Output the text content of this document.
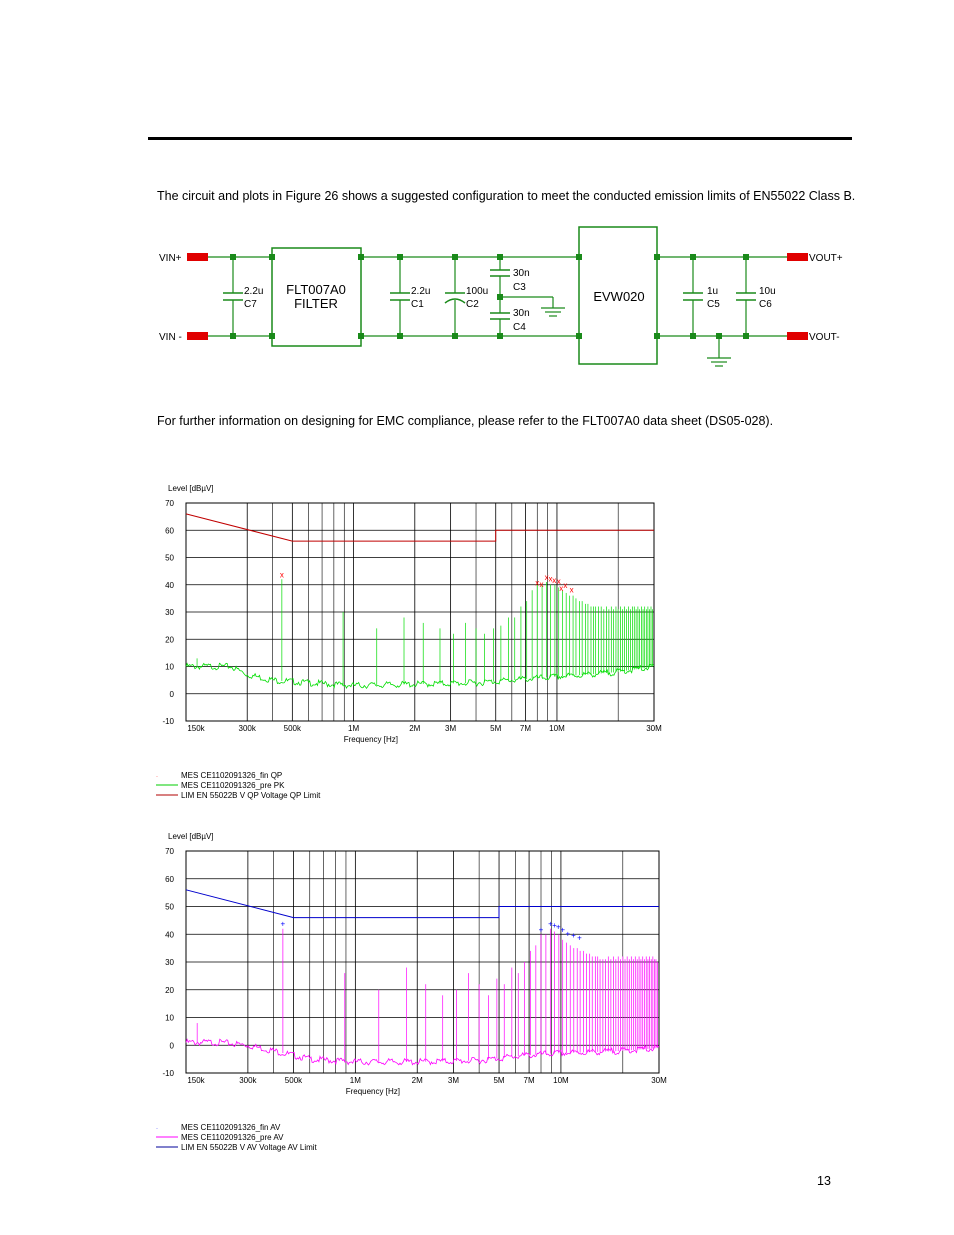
The circuit and plots in Figure 26 shows a suggested configuration to meet the conducted emission limits of EN55022 Class B.

VIN+
VIN -
VOUT+
VOUT-
FLT007A0
FILTER	EVW020
2.2u
C7
2.2u
C1
100u
C2
30n
C3
30n
C4
1u
C5
10u
C6

For further information on designing for EMC compliance, please refer to the FLT007A0 data sheet (DS05-028).

Level [dBµV]
70
60
50
40
30
20
10
0
-10
150k	300k	500k	1M	2M	3M	5M 7M 10M	30M
Frequency [Hz]
x
x x
x x x x
x x x
·	MES CE1102091326_fin QP
MES CE1102091326_pre PK
LIM EN 55022B V QP Voltage QP Limit
Level [dBµV]
70
60
50
40
30
20
10
0
-10
150k	300k	500k	1M	2M	3M	5M 7M 10M	30M
Frequency [Hz]
+
+
+ + + + + + +
·	MES CE1102091326_fin AV
MES CE1102091326_pre AV
LIM EN 55022B V AV Voltage AV Limit
13
